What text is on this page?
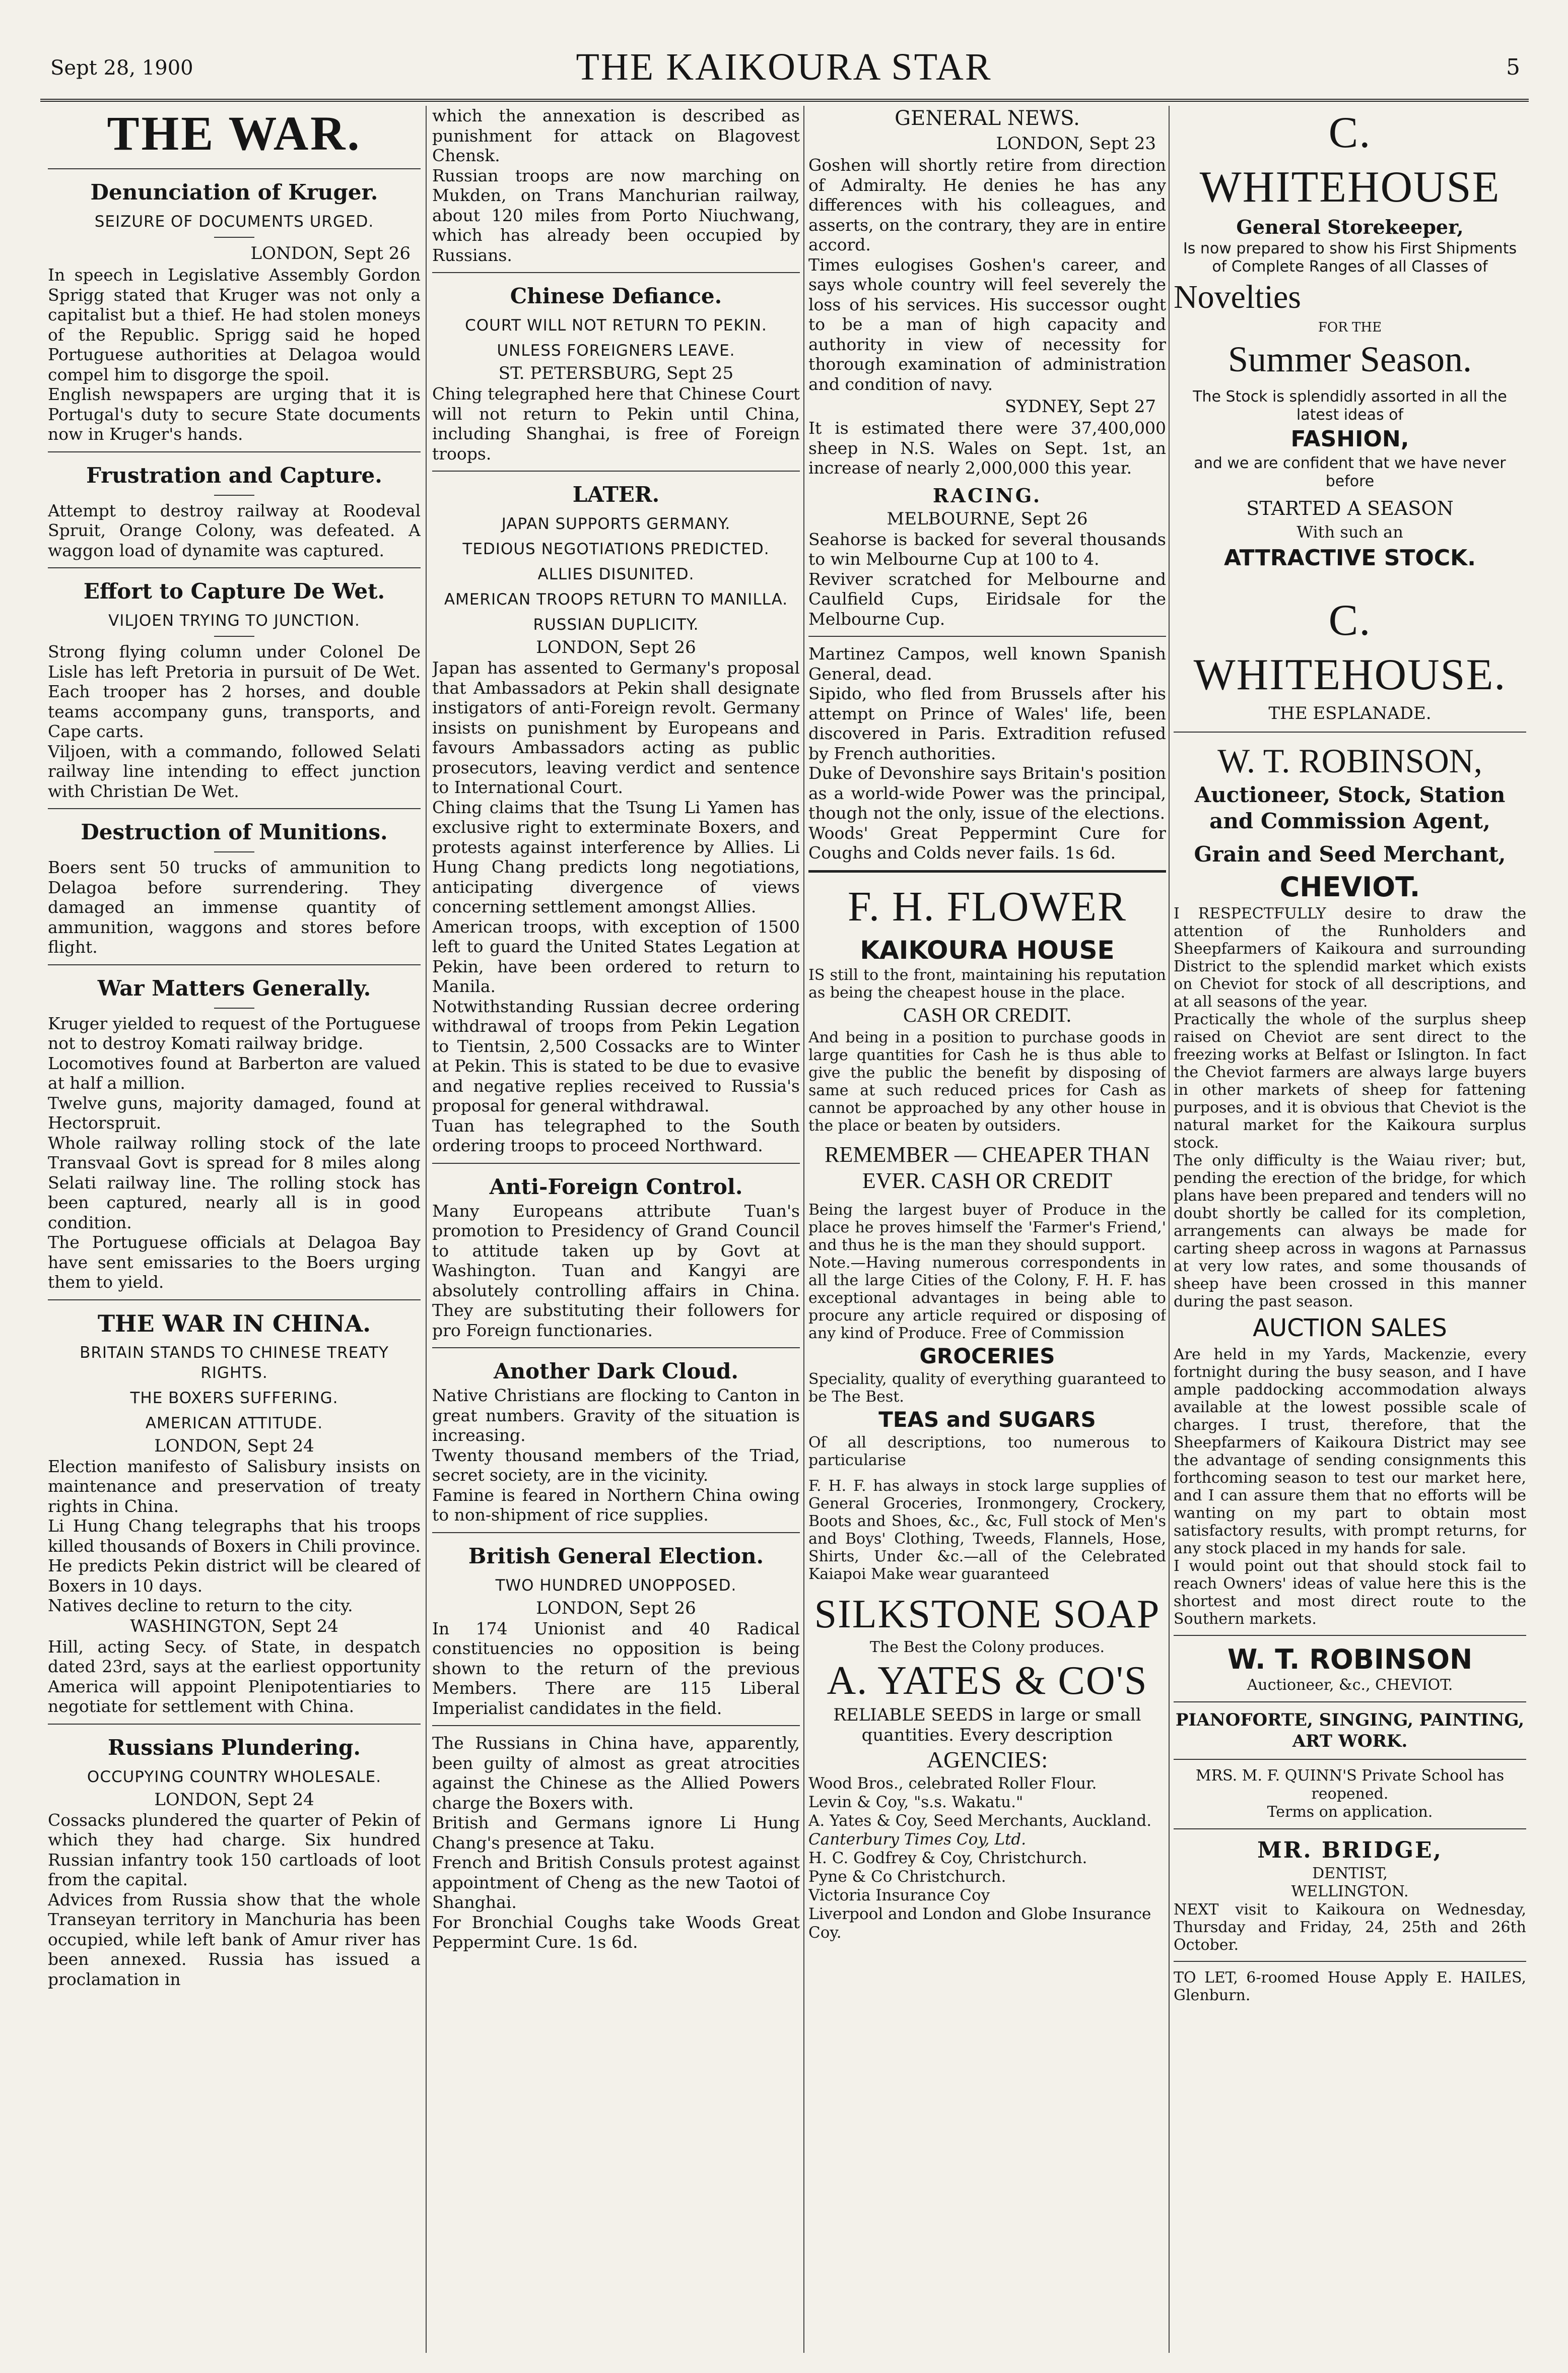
Sept 28, 1900	THE KAIKOURA STAR	5
THE WAR.
Denunciation of Kruger.
SEIZURE OF DOCUMENTS URGED.
LONDON, Sept 26

In speech in Legislative Assembly Gordon Sprigg stated that Kruger was not only a capitalist but a thief. He had stolen moneys of the Republic. Sprigg said he hoped Portuguese authorities at Delagoa would compel him to disgorge the spoil.

English newspapers are urging that it is Portugal's duty to secure State documents now in Kruger's hands.

Frustration and Capture.

Attempt to destroy railway at Roodeval Spruit, Orange Colony, was defeated. A waggon load of dynamite was captured.

Effort to Capture De Wet.
VILJOEN TRYING TO JUNCTION.

Strong flying column under Colonel De Lisle has left Pretoria in pursuit of De Wet. Each trooper has 2 horses, and double teams accompany guns, transports, and Cape carts.

Viljoen, with a commando, followed Selati railway line intending to effect junction with Christian De Wet.

Destruction of Munitions.

Boers sent 50 trucks of ammunition to Delagoa before surrendering. They damaged an immense quantity of ammunition, waggons and stores before flight.

War Matters Generally.

Kruger yielded to request of the Portuguese not to destroy Komati railway bridge.

Locomotives found at Barberton are valued at half a million.

Twelve guns, majority damaged, found at Hectorspruit.

Whole railway rolling stock of the late Transvaal Govt is spread for 8 miles along Selati railway line. The rolling stock has been captured, nearly all is in good condition.

The Portuguese officials at Delagoa Bay have sent emissaries to the Boers urging them to yield.

THE WAR IN CHINA.
BRITAIN STANDS TO CHINESE TREATY RIGHTS.
THE BOXERS SUFFERING.
AMERICAN ATTITUDE.
LONDON, Sept 24

Election manifesto of Salisbury insists on maintenance and preservation of treaty rights in China.

Li Hung Chang telegraphs that his troops killed thousands of Boxers in Chili province. He predicts Pekin district will be cleared of Boxers in 10 days.

Natives decline to return to the city.

WASHINGTON, Sept 24

Hill, acting Secy. of State, in despatch dated 23rd, says at the earliest opportunity America will appoint Plenipotentiaries to negotiate for settlement with China.

Russians Plundering.
OCCUPYING COUNTRY WHOLESALE.
LONDON, Sept 24

Cossacks plundered the quarter of Pekin of which they had charge. Six hundred Russian infantry took 150 cartloads of loot from the capital.

Advices from Russia show that the whole Transeyan territory in Manchuria has been occupied, while left bank of Amur river has been annexed. Russia has issued a proclamation in

which the annexation is described as punishment for attack on Blagovest Chensk.

Russian troops are now marching on Mukden, on Trans Manchurian railway, about 120 miles from Porto Niuchwang, which has already been occupied by Russians.

Chinese Defiance.
COURT WILL NOT RETURN TO PEKIN.
UNLESS FOREIGNERS LEAVE.
ST. PETERSBURG, Sept 25

Ching telegraphed here that Chinese Court will not return to Pekin until China, including Shanghai, is free of Foreign troops.

LATER.
JAPAN SUPPORTS GERMANY.
TEDIOUS NEGOTIATIONS PREDICTED.
ALLIES DISUNITED.
AMERICAN TROOPS RETURN TO MANILLA.
RUSSIAN DUPLICITY.
LONDON, Sept 26

Japan has assented to Germany's proposal that Ambassadors at Pekin shall designate instigators of anti-Foreign revolt. Germany insists on punishment by Europeans and favours Ambassadors acting as public prosecutors, leaving verdict and sentence to International Court.

Ching claims that the Tsung Li Yamen has exclusive right to exterminate Boxers, and protests against interference by Allies. Li Hung Chang predicts long negotiations, anticipating divergence of views concerning settlement amongst Allies.

American troops, with exception of 1500 left to guard the United States Legation at Pekin, have been ordered to return to Manila.

Notwithstanding Russian decree ordering withdrawal of troops from Pekin Legation to Tientsin, 2,500 Cossacks are to Winter at Pekin. This is stated to be due to evasive and negative replies received to Russia's proposal for general withdrawal.

Tuan has telegraphed to the South ordering troops to proceed Northward.

Anti-Foreign Control.

Many Europeans attribute Tuan's promotion to Presidency of Grand Council to attitude taken up by Govt at Washington. Tuan and Kangyi are absolutely controlling affairs in China. They are substituting their followers for pro Foreign functionaries.

Another Dark Cloud.

Native Christians are flocking to Canton in great numbers. Gravity of the situation is increasing.

Twenty thousand members of the Triad, secret society, are in the vicinity.

Famine is feared in Northern China owing to non-shipment of rice supplies.

British General Election.
TWO HUNDRED UNOPPOSED.
LONDON, Sept 26

In 174 Unionist and 40 Radical constituencies no opposition is being shown to the return of the previous Members. There are 115 Liberal Imperialist candidates in the field.

The Russians in China have, apparently, been guilty of almost as great atrocities against the Chinese as the Allied Powers charge the Boxers with.

British and Germans ignore Li Hung Chang's presence at Taku.

French and British Consuls protest against appointment of Cheng as the new Taotoi of Shanghai.

For Bronchial Coughs take Woods Great Peppermint Cure. 1s 6d.

GENERAL NEWS.
LONDON, Sept 23

Goshen will shortly retire from direction of Admiralty. He denies he has any differences with his colleagues, and asserts, on the contrary, they are in entire accord.

Times eulogises Goshen's career, and says whole country will feel severely the loss of his services. His successor ought to be a man of high capacity and authority in view of necessity for thorough examination of administration and condition of navy.

SYDNEY, Sept 27

It is estimated there were 37,400,000 sheep in N.S. Wales on Sept. 1st, an increase of nearly 2,000,000 this year.

RACING.
MELBOURNE, Sept 26

Seahorse is backed for several thousands to win Melbourne Cup at 100 to 4.

Reviver scratched for Melbourne and Caulfield Cups, Eiridsale for the Melbourne Cup.

Martinez Campos, well known Spanish General, dead.

Sipido, who fled from Brussels after his attempt on Prince of Wales' life, been discovered in Paris. Extradition refused by French authorities.

Duke of Devonshire says Britain's position as a world-wide Power was the principal, though not the only, issue of the elections.

Woods' Great Peppermint Cure for Coughs and Colds never fails. 1s 6d.

F. H. FLOWER
KAIKOURA HOUSE

IS still to the front, maintaining his reputation as being the cheapest house in the place.

CASH OR CREDIT.

And being in a position to purchase goods in large quantities for Cash he is thus able to give the public the benefit by disposing of same at such reduced prices for Cash as cannot be approached by any other house in the place or beaten by outsiders.

REMEMBER — CHEAPER THAN EVER. CASH OR CREDIT

Being the largest buyer of Produce in the place he proves himself the 'Farmer's Friend,' and thus he is the man they should support.

Note.—Having numerous correspondents in all the large Cities of the Colony, F. H. F. has exceptional advantages in being able to procure any article required or disposing of any kind of Produce. Free of Commission

GROCERIES

Speciality, quality of everything guaranteed to be The Best.

TEAS and SUGARS

Of all descriptions, too numerous to particularise

F. H. F. has always in stock large supplies of General Groceries, Ironmongery, Crockery, Boots and Shoes, &c., &c, Full stock of Men's and Boys' Clothing, Tweeds, Flannels, Hose, Shirts, Under &c.—all of the Celebrated Kaiapoi Make wear guaranteed

SILKSTONE SOAP
The Best the Colony produces.
A. YATES & CO'S
RELIABLE SEEDS in large or small quantities. Every description
AGENCIES:
Wood Bros., celebrated Roller Flour.
Levin & Coy, "s.s. Wakatu."
A. Yates & Coy, Seed Merchants, Auckland.
Canterbury Times Coy, Ltd.
H. C. Godfrey & Coy, Christchurch.
Pyne & Co Christchurch.
Victoria Insurance Coy
Liverpool and London and Globe Insurance Coy.
C. WHITEHOUSE
General Storekeeper,
Is now prepared to show his First Shipments of Complete Ranges of all Classes of
Novelties
FOR THE
Summer Season.
The Stock is splendidly assorted in all the latest ideas of
FASHION,
and we are confident that we have never before
STARTED A SEASON
With such an
ATTRACTIVE STOCK.
C. WHITEHOUSE.
THE ESPLANADE.
W. T. ROBINSON,
Auctioneer, Stock, Station and Commission Agent,
Grain and Seed Merchant,
CHEVIOT.

I RESPECTFULLY desire to draw the attention of the Runholders and Sheepfarmers of Kaikoura and surrounding District to the splendid market which exists on Cheviot for stock of all descriptions, and at all seasons of the year.

Practically the whole of the surplus sheep raised on Cheviot are sent direct to the freezing works at Belfast or Islington. In fact the Cheviot farmers are always large buyers in other markets of sheep for fattening purposes, and it is obvious that Cheviot is the natural market for the Kaikoura surplus stock.

The only difficulty is the Waiau river; but, pending the erection of the bridge, for which plans have been prepared and tenders will no doubt shortly be called for its completion, arrangements can always be made for carting sheep across in wagons at Parnassus at very low rates, and some thousands of sheep have been crossed in this manner during the past season.

AUCTION SALES

Are held in my Yards, Mackenzie, every fortnight during the busy season, and I have ample paddocking accommodation always available at the lowest possible scale of charges. I trust, therefore, that the Sheepfarmers of Kaikoura District may see the advantage of sending consignments this forthcoming season to test our market here, and I can assure them that no efforts will be wanting on my part to obtain most satisfactory results, with prompt returns, for any stock placed in my hands for sale.

I would point out that should stock fail to reach Owners' ideas of value here this is the shortest and most direct route to the Southern markets.

W. T. ROBINSON
Auctioneer, &c., CHEVIOT.
PIANOFORTE, SINGING, PAINTING, ART WORK.
MRS. M. F. QUINN'S Private School has reopened.
Terms on application.
MR. BRIDGE,
DENTIST,
WELLINGTON.

NEXT visit to Kaikoura on Wednesday, Thursday and Friday, 24, 25th and 26th October.

TO LET, 6-roomed House Apply E. HAILES, Glenburn.
